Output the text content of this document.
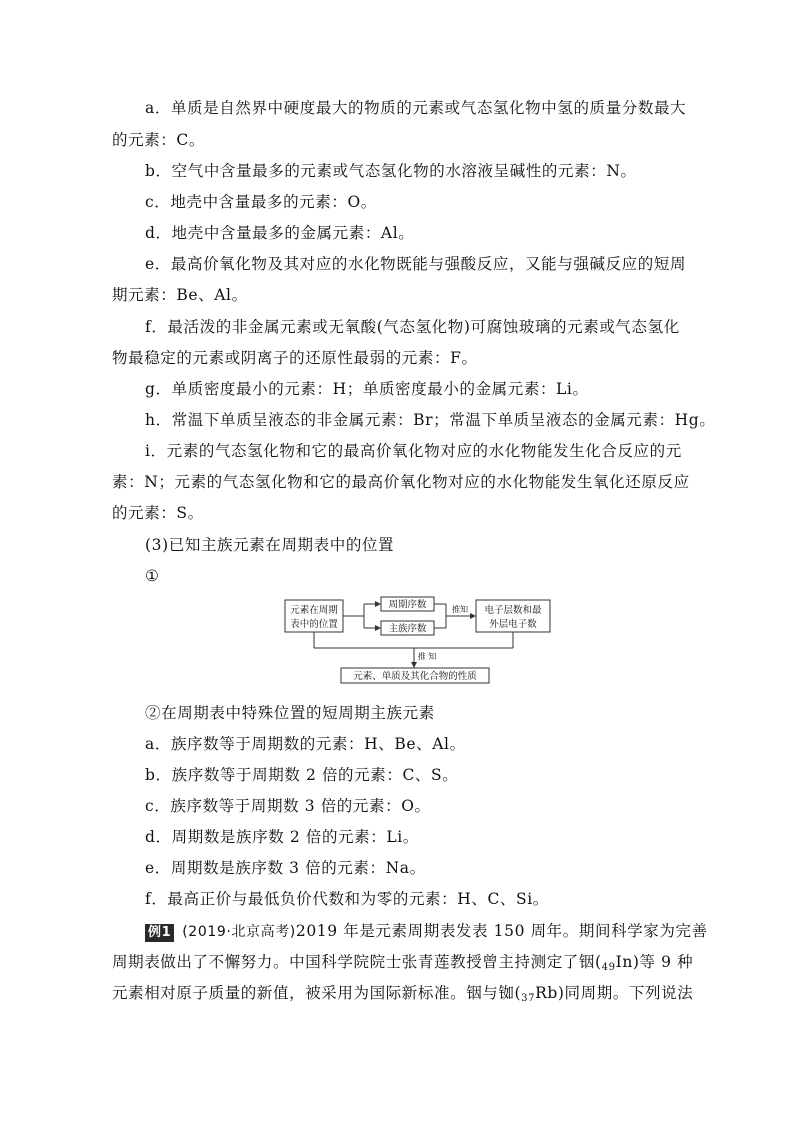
a．单质是自然界中硬度最大的物质的元素或气态氢化物中氢的质量分数最大
的元素：C。
b．空气中含量最多的元素或气态氢化物的水溶液呈碱性的元素：N。
c．地壳中含量最多的元素：O。
d．地壳中含量最多的金属元素：Al。
e．最高价氧化物及其对应的水化物既能与强酸反应，又能与强碱反应的短周
期元素：Be、Al。
f．最活泼的非金属元素或无氧酸(气态氢化物)可腐蚀玻璃的元素或气态氢化
物最稳定的元素或阴离子的还原性最弱的元素：F。
g．单质密度最小的元素：H；单质密度最小的金属元素：Li。
h．常温下单质呈液态的非金属元素：Br；常温下单质呈液态的金属元素：Hg。
i．元素的气态氢化物和它的最高价氧化物对应的水化物能发生化合反应的元
素：N；元素的气态氢化物和它的最高价氧化物对应的水化物能发生氧化还原反应
的元素：S。
(3)已知主族元素在周期表中的位置
①
元素在周期
表中的位置
周期序数
主族序数
推知 电子层数和最
外层电子数
推 知
元素、单质及其化合物的性质
②在周期表中特殊位置的短周期主族元素
a．族序数等于周期数的元素：H、Be、Al。
b．族序数等于周期数 2 倍的元素：C、S。
c．族序数等于周期数 3 倍的元素：O。
d．周期数是族序数 2 倍的元素：Li。
e．周期数是族序数 3 倍的元素：Na。
f．最高正价与最低负价代数和为零的元素：H、C、Si。
例1 (2019·北京高考)2019 年是元素周期表发表 150 周年。期间科学家为完善
周期表做出了不懈努力。中国科学院院士张青莲教授曾主持测定了铟$(_{49}In)$等 9 种
元素相对原子质量的新值，被采用为国际新标准。铟与铷$(_{37}Rb)$同周期。下列说法
